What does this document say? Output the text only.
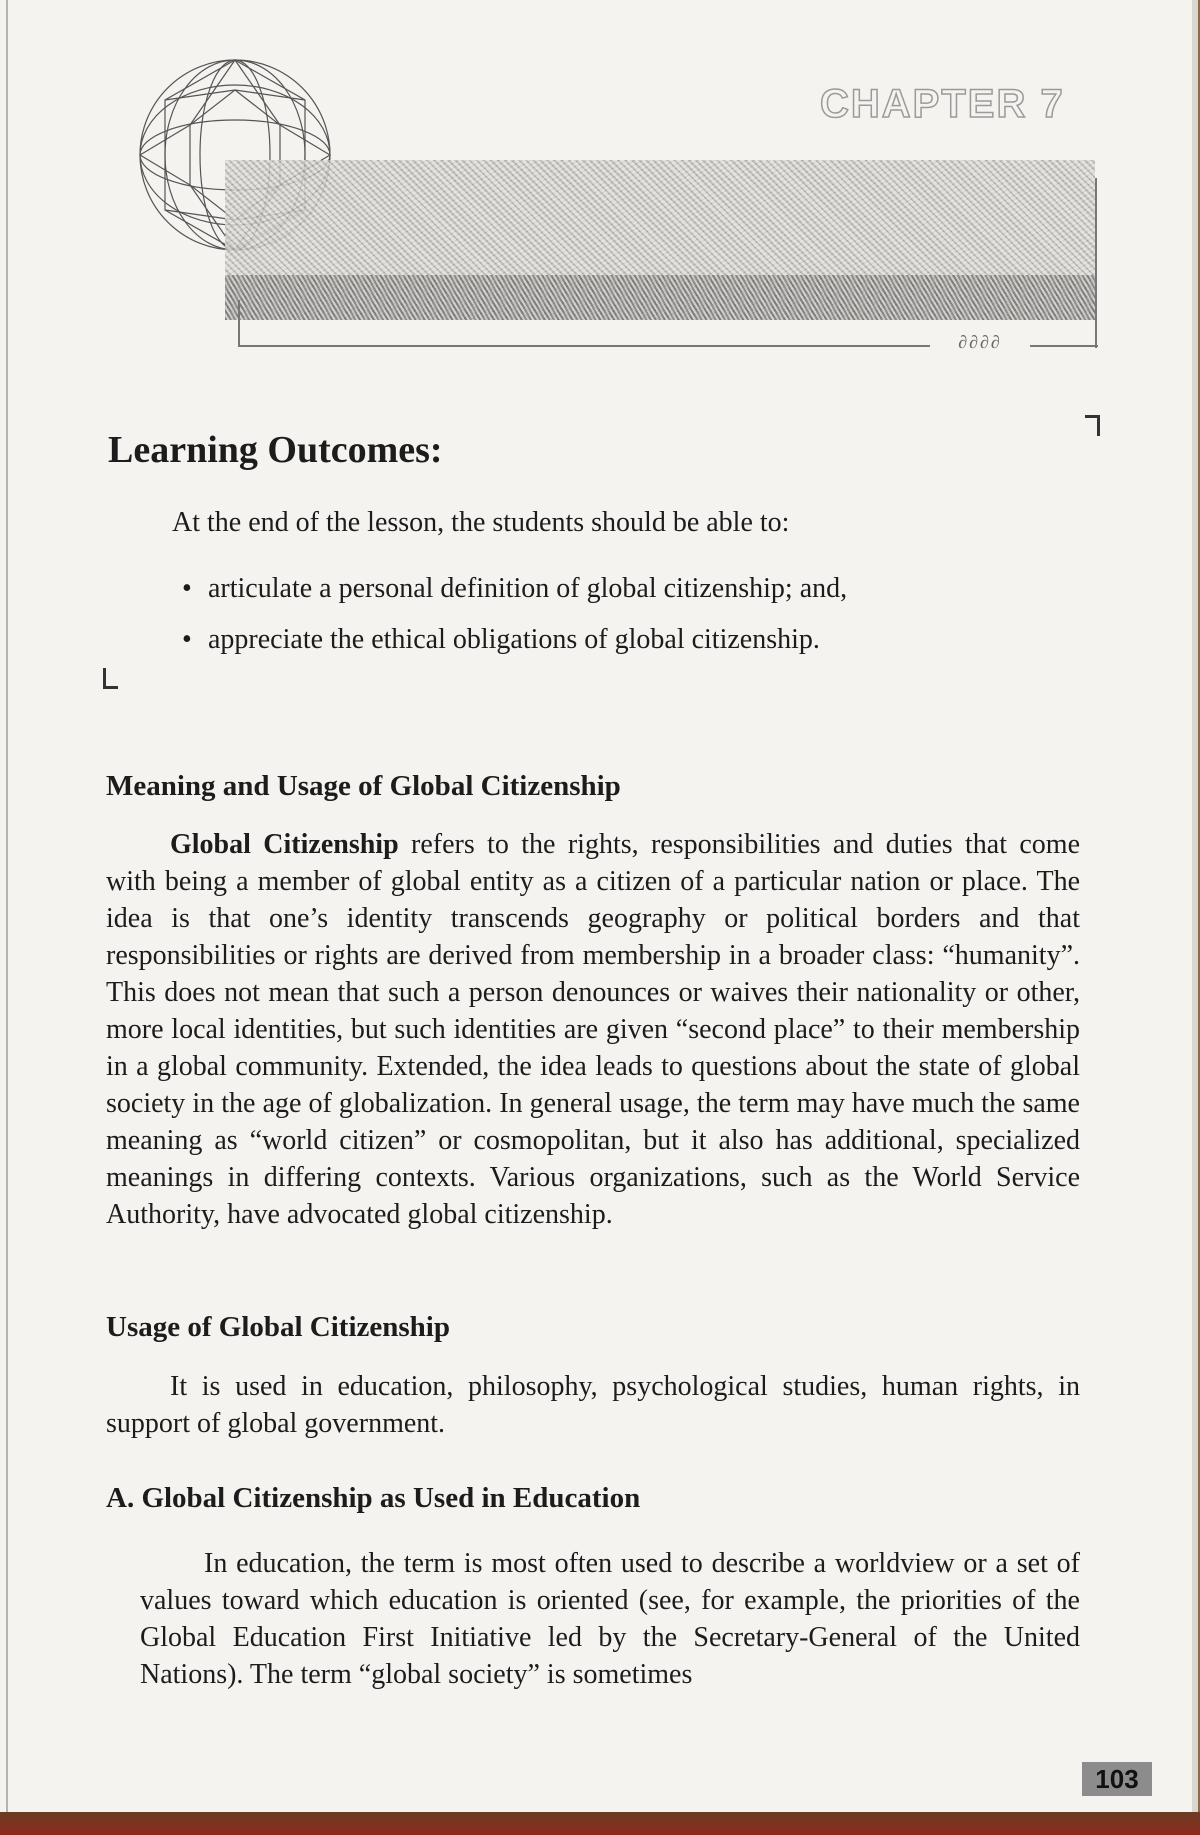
∂∂∂∂
CHAPTER 7
Learning Outcomes:

At the end of the lesson, the students should be able to:

• articulate a personal definition of global citizenship; and,

• appreciate the ethical obligations of global citizenship.

Meaning and Usage of Global Citizenship

Global Citizenship refers to the rights, responsibilities and duties that come with being a member of global entity as a citizen of a particular nation or place. The idea is that one’s identity transcends geography or political borders and that responsibilities or rights are derived from membership in a broader class: “humanity”. This does not mean that such a person denounces or waives their nationality or other, more local identities, but such identities are given “second place” to their membership in a global community. Extended, the idea leads to questions about the state of global society in the age of globalization. In general usage, the term may have much the same meaning as “world citizen” or cosmopolitan, but it also has additional, specialized meanings in differing contexts. Various organizations, such as the World Service Authority, have advocated global citizenship.

Usage of Global Citizenship

It is used in education, philosophy, psychological studies, human rights, in support of global government.

A. Global Citizenship as Used in Education

In education, the term is most often used to describe a worldview or a set of values toward which education is oriented (see, for example, the priorities of the Global Education First Initiative led by the Secretary-General of the United Nations). The term “global society” is sometimes

103
